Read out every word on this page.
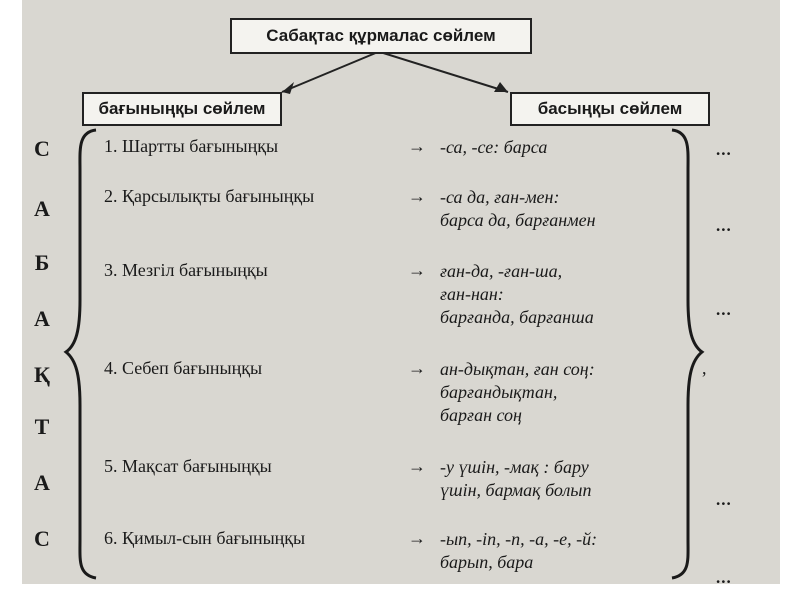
Сабақтас құрмалас сөйлем
бағыныңқы сөйлем	басыңқы сөйлем
С
А
Б
А
Қ
Т
А
С
1. Шартты бағыныңқы	→ -са, -се: барса	...
2. Қарсылықты бағыныңқы	→ -са да, ған-мен:
барса да, барғанмен	...
3. Мезгіл бағыныңқы	→ ған-да, -ған-ша,
ған-нан:
барғанда, барғанша	...
4. Себеп бағыныңқы	→ ан-дықтан, ған соң:
барғандықтан,
барған соң
,
5. Мақсат бағыныңқы	→ -у үшін, -мақ : бару
үшін, бармақ болып	...
6. Қимыл-сын бағыныңқы	→ -ып, -іп, -п, -а, -е, -й:
барып, бара
...
